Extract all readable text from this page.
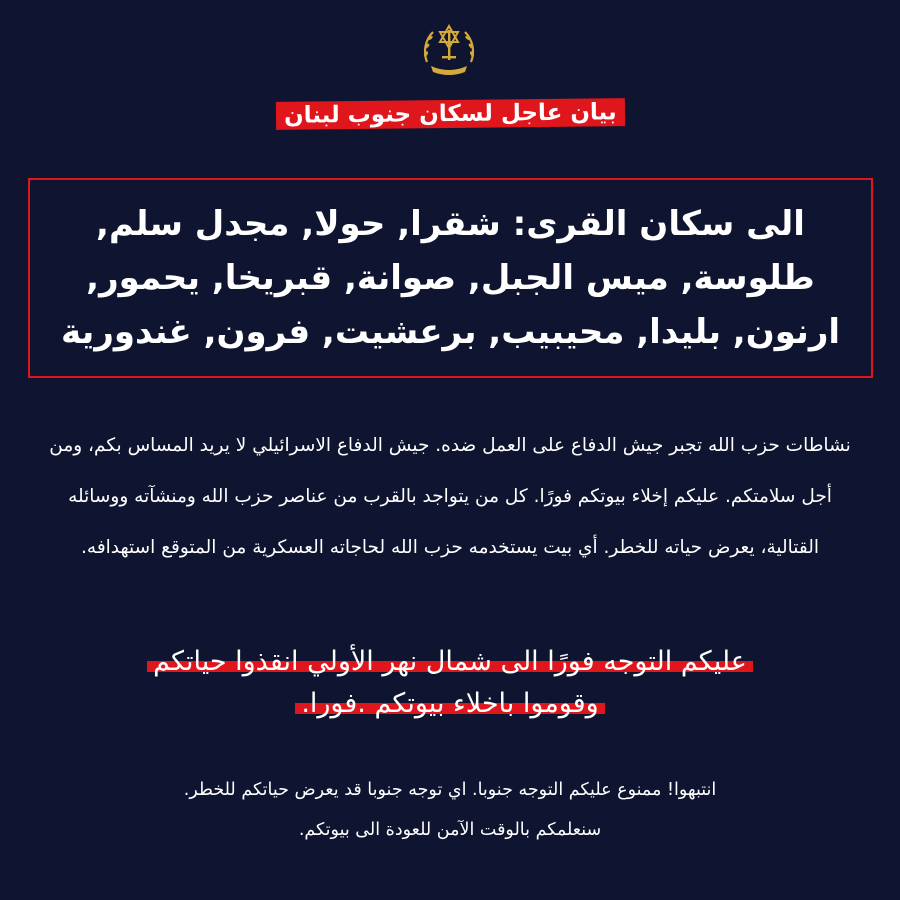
بيان عاجل لسكان جنوب لبنان
الى سكان القرى: شقرا, حولا, مجدل سلم, طلوسة, ميس الجبل, صوانة, قبريخا, يحمور, ارنون, بليدا, محيبيب, برعشيت, فرون, غندورية
نشاطات حزب الله تجبر جيش الدفاع على العمل ضده. جيش الدفاع الاسرائيلي لا يريد المساس بكم، ومن أجل سلامتكم. عليكم إخلاء بيوتكم فورًا. كل من يتواجد بالقرب من عناصر حزب الله ومنشآته ووسائله القتالية، يعرض حياته للخطر. أي بيت يستخدمه حزب الله لحاجاته العسكرية من المتوقع استهدافه.
عليكم التوجه فورًا الى شمال نهر الأولي انقذوا حياتكم
وقوموا باخلاء بيوتكم .فورا.

انتبهوا! ممنوع عليكم التوجه جنوبا. اي توجه جنوبا قد يعرض حياتكم للخطر.

سنعلمكم بالوقت الآمن للعودة الى بيوتكم.
